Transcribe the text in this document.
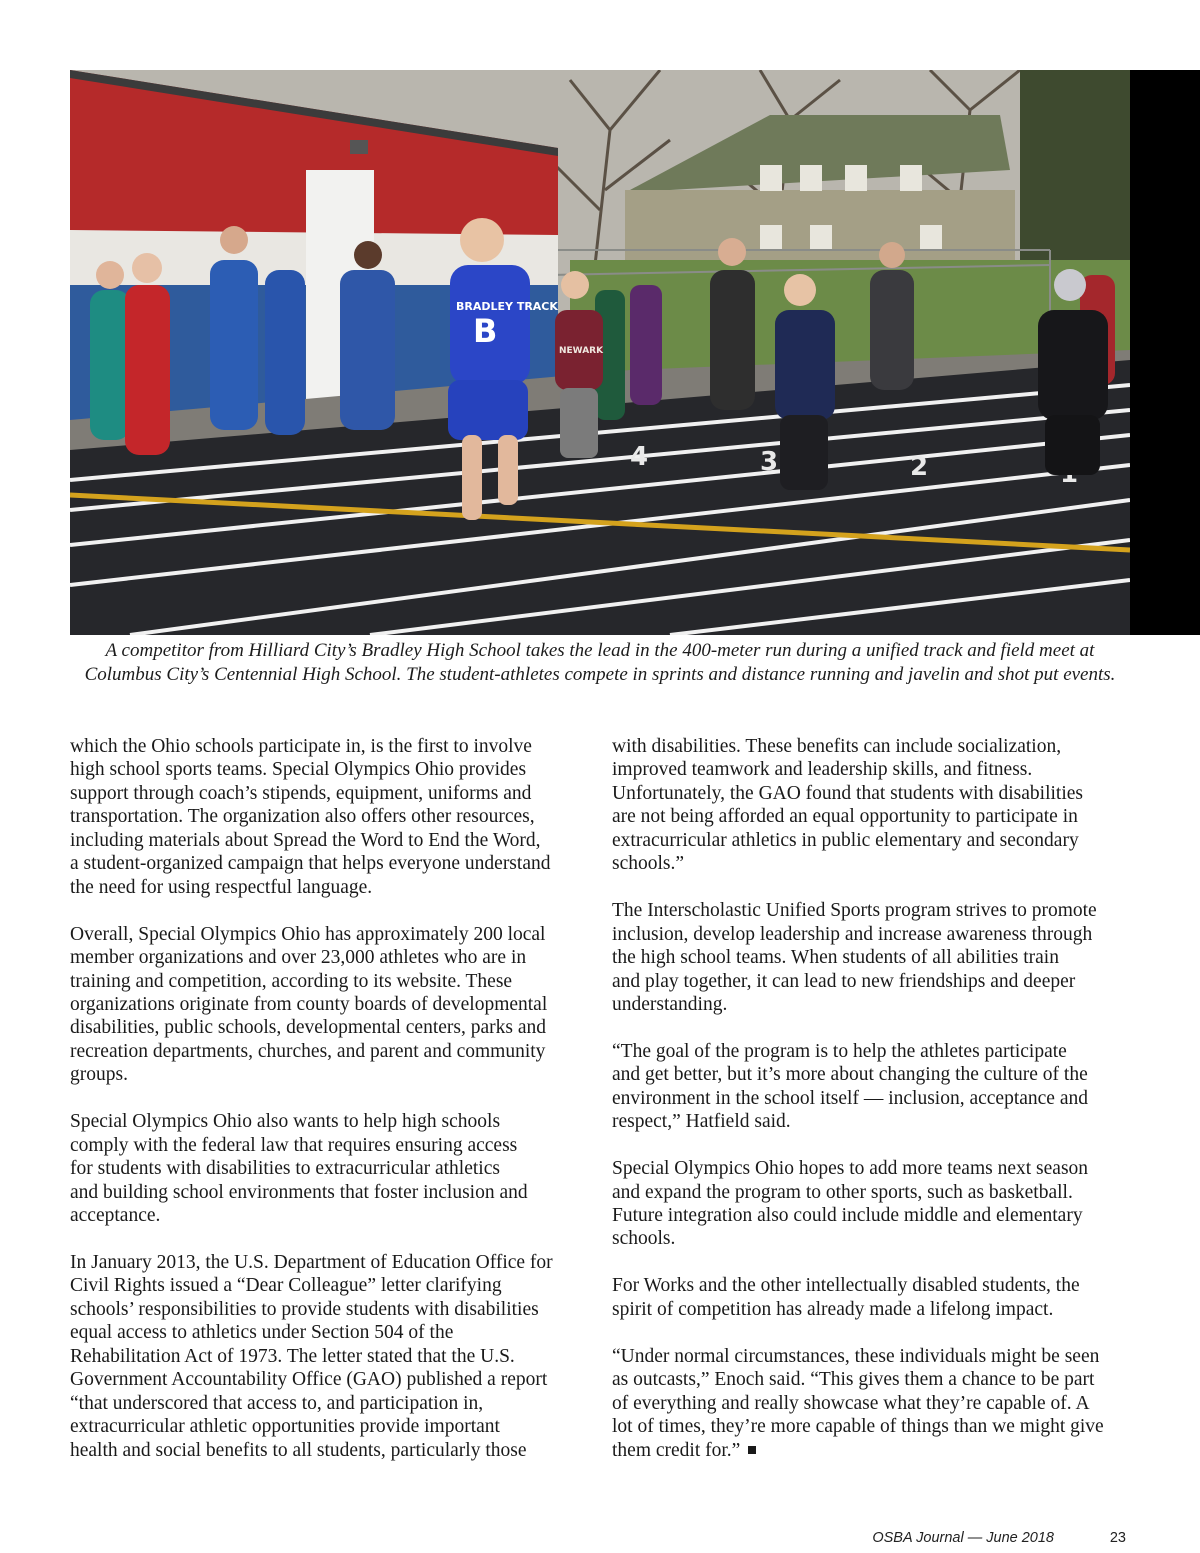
4	3	2
BRADLEY TRACK
B
NEWARK
A competitor from Hilliard City’s Bradley High School takes the lead in the 400-meter run during a unified track and field meet at
Columbus City’s Centennial High School. The student-athletes compete in sprints and distance running and javelin and shot put events.

which the Ohio schools participate in, is the first to involve
high school sports teams. Special Olympics Ohio provides
support through coach’s stipends, equipment, uniforms and
transportation. The organization also offers other resources,
including materials about Spread the Word to End the Word,
a student-organized campaign that helps everyone understand
the need for using respectful language.

Overall, Special Olympics Ohio has approximately 200 local
member organizations and over 23,000 athletes who are in
training and competition, according to its website. These
organizations originate from county boards of developmental
disabilities, public schools, developmental centers, parks and
recreation departments, churches, and parent and community
groups.

Special Olympics Ohio also wants to help high schools
comply with the federal law that requires ensuring access
for students with disabilities to extracurricular athletics
and building school environments that foster inclusion and
acceptance.

In January 2013, the U.S. Department of Education Office for
Civil Rights issued a “Dear Colleague” letter clarifying
schools’ responsibilities to provide students with disabilities
equal access to athletics under Section 504 of the
Rehabilitation Act of 1973. The letter stated that the U.S.
Government Accountability Office (GAO) published a report
“that underscored that access to, and participation in,
extracurricular athletic opportunities provide important
health and social benefits to all students, particularly those

with disabilities. These benefits can include socialization,
improved teamwork and leadership skills, and fitness.
Unfortunately, the GAO found that students with disabilities
are not being afforded an equal opportunity to participate in
extracurricular athletics in public elementary and secondary
schools.”

The Interscholastic Unified Sports program strives to promote
inclusion, develop leadership and increase awareness through
the high school teams. When students of all abilities train
and play together, it can lead to new friendships and deeper
understanding.

“The goal of the program is to help the athletes participate
and get better, but it’s more about changing the culture of the
environment in the school itself — inclusion, acceptance and
respect,” Hatfield said.

Special Olympics Ohio hopes to add more teams next season
and expand the program to other sports, such as basketball.
Future integration also could include middle and elementary
schools.

For Works and the other intellectually disabled students, the
spirit of competition has already made a lifelong impact.

“Under normal circumstances, these individuals might be seen
as outcasts,” Enoch said. “This gives them a chance to be part
of everything and really showcase what they’re capable of. A
lot of times, they’re more capable of things than we might give
them credit for.”

OSBA Journal — June 2018	23
